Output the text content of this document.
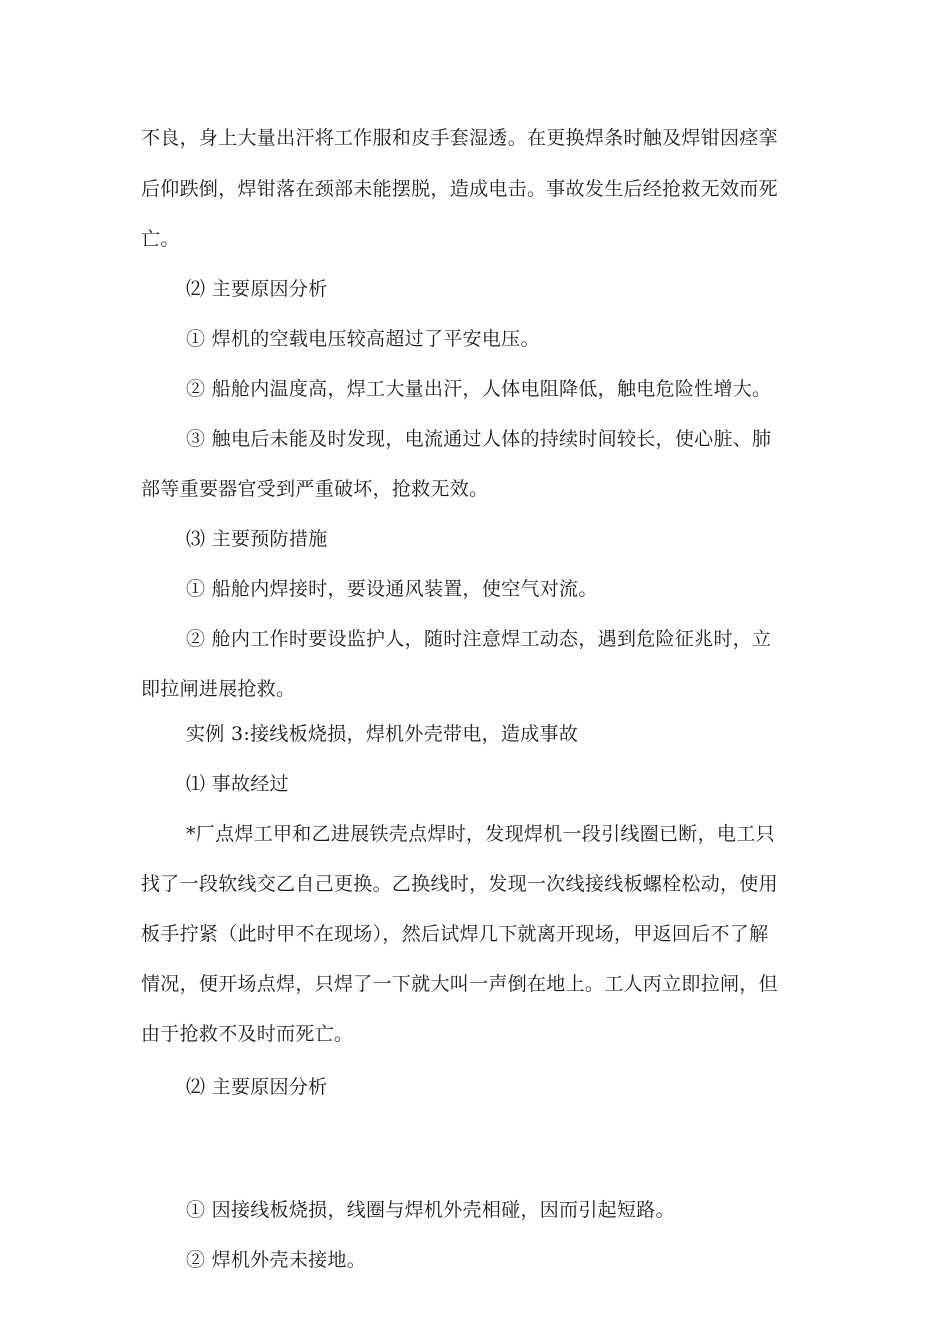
不良，身上大量出汗将工作服和皮手套湿透。在更换焊条时触及焊钳因痉挛
后仰跌倒，焊钳落在颈部未能摆脱，造成电击。事故发生后经抢救无效而死
亡。
⑵ 主要原因分析
① 焊机的空载电压较高超过了平安电压。
② 船舱内温度高，焊工大量出汗，人体电阻降低，触电危险性增大。
③ 触电后未能及时发现，电流通过人体的持续时间较长，使心脏、肺
部等重要器官受到严重破坏，抢救无效。
⑶ 主要预防措施
① 船舱内焊接时，要设通风装置，使空气对流。
② 舱内工作时要设监护人，随时注意焊工动态，遇到危险征兆时，立
即拉闸进展抢救。
实例 3:接线板烧损，焊机外壳带电，造成事故
⑴ 事故经过
*厂点焊工甲和乙进展铁壳点焊时，发现焊机一段引线圈已断，电工只
找了一段软线交乙自己更换。乙换线时，发现一次线接线板螺栓松动，使用
板手拧紧（此时甲不在现场），然后试焊几下就离开现场，甲返回后不了解
情况，便开场点焊，只焊了一下就大叫一声倒在地上。工人丙立即拉闸，但
由于抢救不及时而死亡。
⑵ 主要原因分析
① 因接线板烧损，线圈与焊机外壳相碰，因而引起短路。
② 焊机外壳未接地。
